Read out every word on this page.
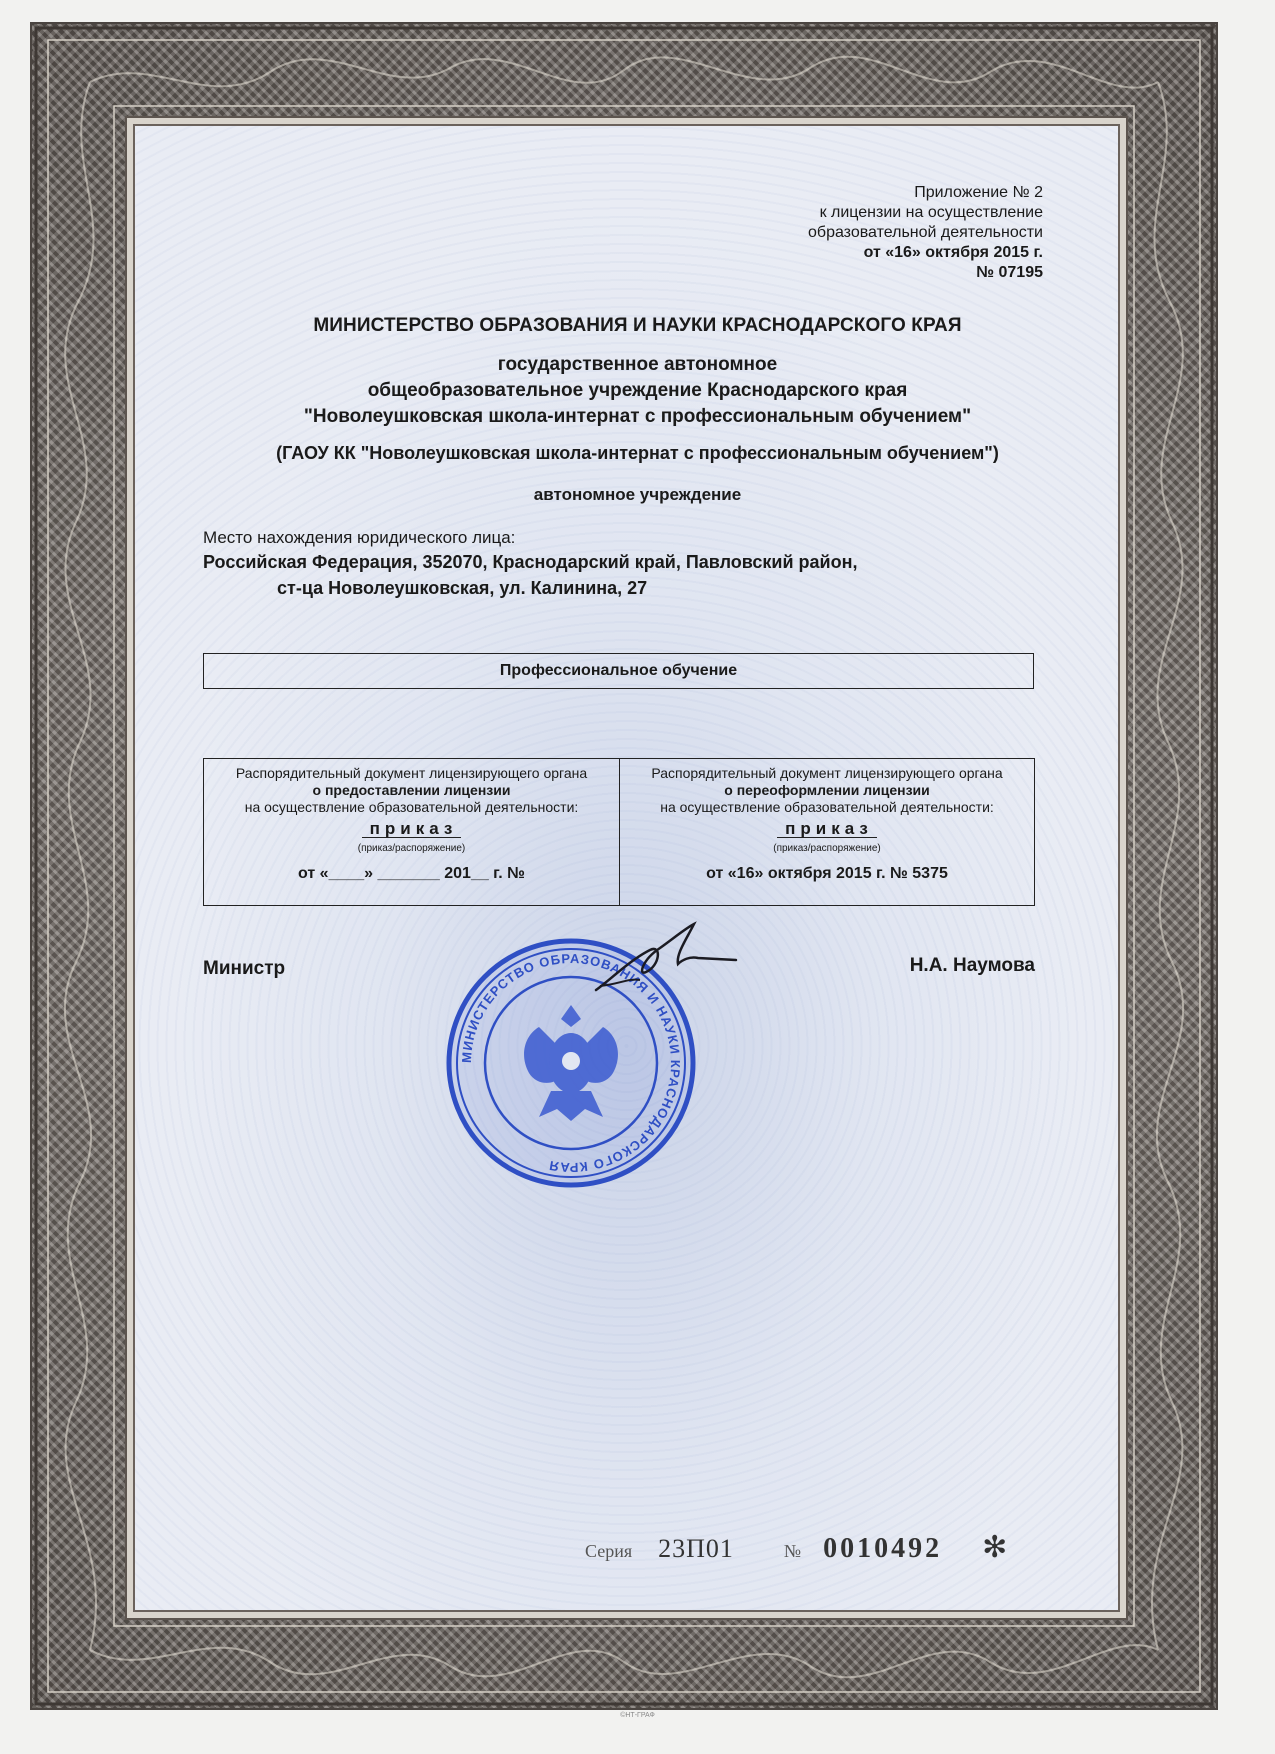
Приложение № 2
к лицензии на осуществление
образовательной деятельности
от «16» октября 2015 г.
№ 07195
МИНИСТЕРСТВО ОБРАЗОВАНИЯ И НАУКИ КРАСНОДАРСКОГО КРАЯ
государственное автономное
общеобразовательное учреждение Краснодарского края
"Новолеушковская школа-интернат с профессиональным обучением"
(ГАОУ КК "Новолеушковская школа-интернат с профессиональным обучением")
автономное учреждение
Место нахождения юридического лица:
Российская Федерация, 352070, Краснодарский край, Павловский район,
ст-ца Новолеушковская, ул. Калинина, 27
Профессиональное обучение
Распорядительный документ лицензирующего органа
о предоставлении лицензии
на осуществление образовательной деятельности:
приказ
(приказ/распоряжение)
от «____» _______ 201__ г. №
Распорядительный документ лицензирующего органа
о переоформлении лицензии
на осуществление образовательной деятельности:
приказ
(приказ/распоряжение)
от «16» октября 2015 г. № 5375
Министр	Н.А. Наумова
МИНИСТЕРСТВО ОБРАЗОВАНИЯ И НАУКИ КРАСНОДАРСКОГО КРАЯ
Серия 23П01	№ 0010492 ✻
©НТ-ГРАФ
